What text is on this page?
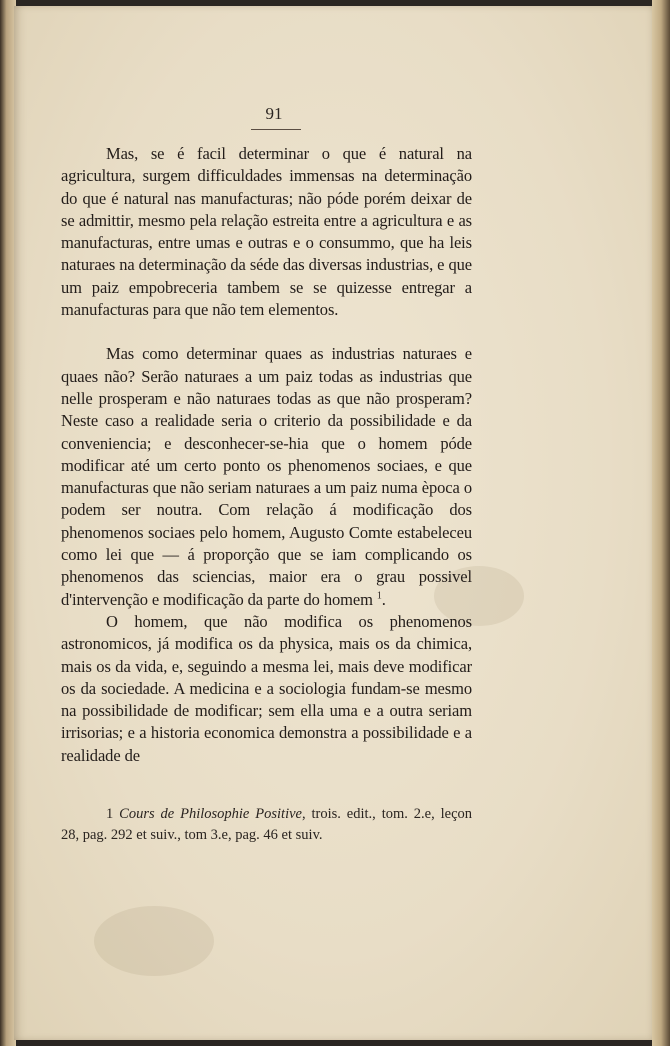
91

Mas, se é facil determinar o que é natural na agricultura, surgem difficuldades immensas na determinação do que é natural nas manufacturas; não póde porém deixar de se admittir, mesmo pela relação estreita entre a agricultura e as manufacturas, entre umas e outras e o consummo, que ha leis naturaes na determinação da séde das diversas industrias, e que um paiz empobreceria tambem se se quizesse entregar a manufacturas para que não tem elementos.

Mas como determinar quaes as industrias naturaes e quaes não? Serão naturaes a um paiz todas as industrias que nelle prosperam e não naturaes todas as que não prosperam? Neste caso a realidade seria o criterio da possibilidade e da conveniencia; e desconhecer-se-hia que o homem póde modificar até um certo ponto os phenomenos sociaes, e que manufacturas que não seriam naturaes a um paiz numa època o podem ser noutra. Com relação á modificação dos phenomenos sociaes pelo homem, Augusto Comte estabeleceu como lei que — á proporção que se iam complicando os phenomenos das sciencias, maior era o grau possivel d'intervenção e modificação da parte do homem $^1$.

O homem, que não modifica os phenomenos astronomicos, já modifica os da physica, mais os da chimica, mais os da vida, e, seguindo a mesma lei, mais deve modificar os da sociedade. A medicina e a sociologia fundam-se mesmo na possibilidade de modificar; sem ella uma e a outra seriam irrisorias; e a historia economica demonstra a possibilidade e a realidade de

1 Cours de Philosophie Positive, trois. edit., tom. 2.e, leçon 28, pag. 292 et suiv., tom 3.e, pag. 46 et suiv.
